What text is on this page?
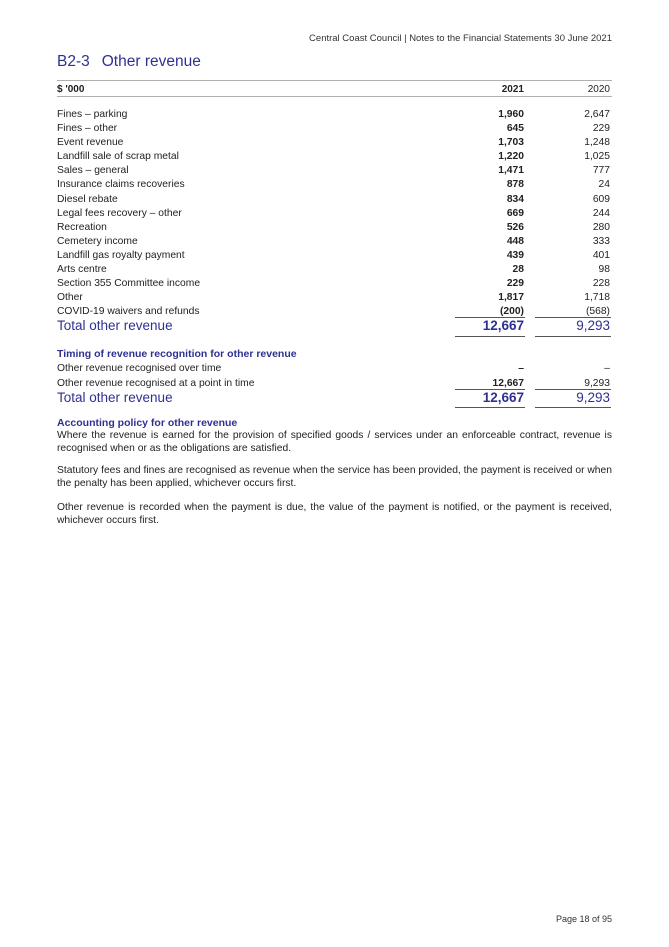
Central Coast Council | Notes to the Financial Statements 30 June 2021
B2-3 Other revenue
$ '000	2021	2020
Fines – parking	1,960	2,647
Fines – other	645	229
Event revenue	1,703	1,248
Landfill sale of scrap metal	1,220	1,025
Sales – general	1,471	777
Insurance claims recoveries	878	24
Diesel rebate	834	609
Legal fees recovery – other	669	244
Recreation	526	280
Cemetery income	448	333
Landfill gas royalty payment	439	401
Arts centre	28	98
Section 355 Committee income	229	228
Other	1,817	1,718
COVID-19 waivers and refunds	(200)	(568)
Total other revenue	12,667	9,293
Timing of revenue recognition for other revenue
Other revenue recognised over time	–	–
Other revenue recognised at a point in time	12,667	9,293
Total other revenue	12,667	9,293
Accounting policy for other revenue
Where the revenue is earned for the provision of specified goods / services under an enforceable contract, revenue is recognised when or as the obligations are satisfied.
Statutory fees and fines are recognised as revenue when the service has been provided, the payment is received or when the penalty has been applied, whichever occurs first.
Other revenue is recorded when the payment is due, the value of the payment is notified, or the payment is received, whichever occurs first.
Page 18 of 95
